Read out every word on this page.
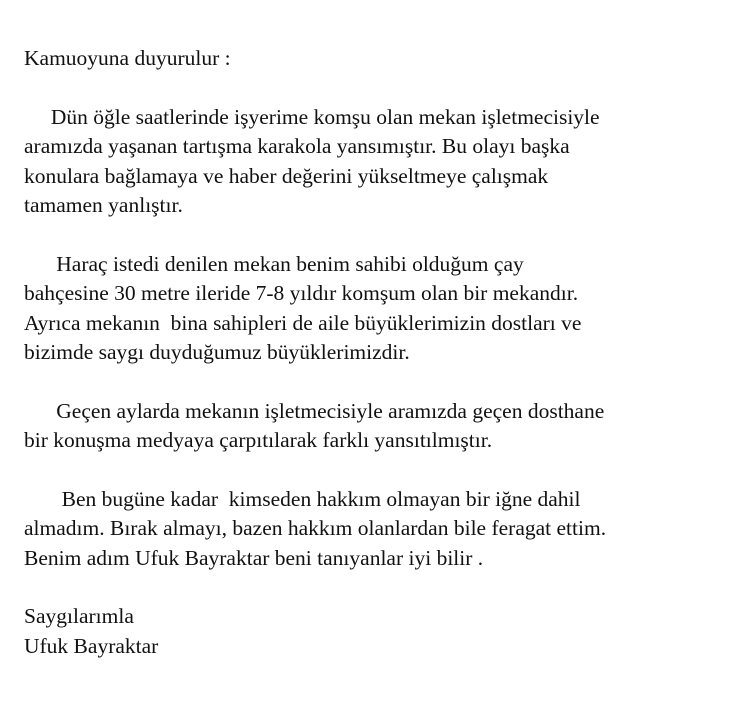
Kamuoyuna duyurulur :
Dün öğle saatlerinde işyerime komşu olan mekan işletmecisiyle
aramızda yaşanan tartışma karakola yansımıştır. Bu olayı başka
konulara bağlamaya ve haber değerini yükseltmeye çalışmak
tamamen yanlıştır.
Haraç istedi denilen mekan benim sahibi olduğum çay
bahçesine 30 metre ileride 7-8 yıldır komşum olan bir mekandır.
Ayrıca mekanın  bina sahipleri de aile büyüklerimizin dostları ve
bizimde saygı duyduğumuz büyüklerimizdir.
Geçen aylarda mekanın işletmecisiyle aramızda geçen dosthane
bir konuşma medyaya çarpıtılarak farklı yansıtılmıştır.
Ben bugüne kadar  kimseden hakkım olmayan bir iğne dahil
almadım. Bırak almayı, bazen hakkım olanlardan bile feragat ettim.
Benim adım Ufuk Bayraktar beni tanıyanlar iyi bilir .
Saygılarımla
Ufuk Bayraktar
